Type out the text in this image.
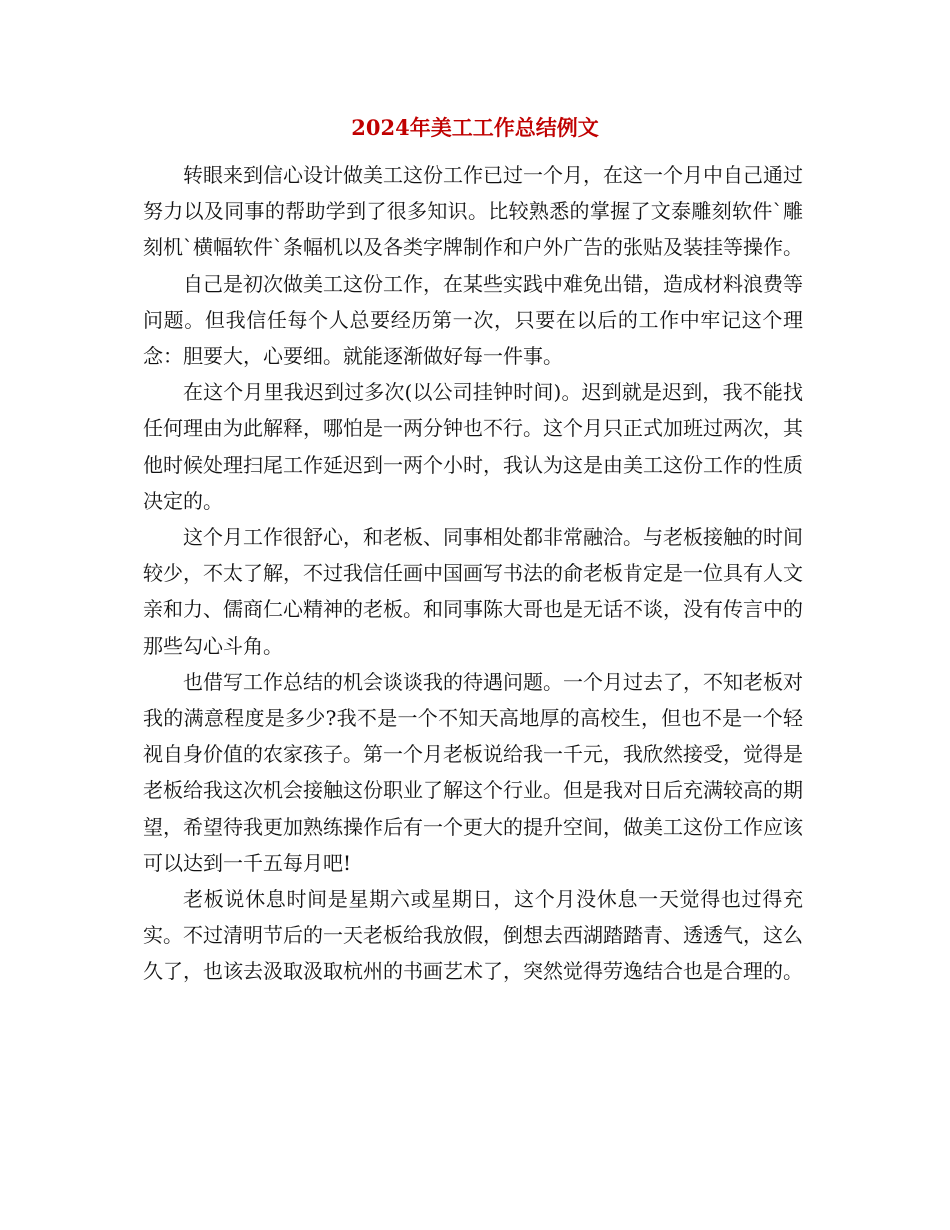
2024年美工工作总结例文

转眼来到信心设计做美工这份工作已过一个月，在这一个月中自己通过努力以及同事的帮助学到了很多知识。比较熟悉的掌握了文泰雕刻软件`雕刻机`横幅软件`条幅机以及各类字牌制作和户外广告的张贴及装挂等操作。

自己是初次做美工这份工作，在某些实践中难免出错，造成材料浪费等问题。但我信任每个人总要经历第一次，只要在以后的工作中牢记这个理念：胆要大，心要细。就能逐渐做好每一件事。

在这个月里我迟到过多次(以公司挂钟时间)。迟到就是迟到，我不能找任何理由为此解释，哪怕是一两分钟也不行。这个月只正式加班过两次，其他时候处理扫尾工作延迟到一两个小时，我认为这是由美工这份工作的性质决定的。

这个月工作很舒心，和老板、同事相处都非常融洽。与老板接触的时间较少，不太了解，不过我信任画中国画写书法的俞老板肯定是一位具有人文亲和力、儒商仁心精神的老板。和同事陈大哥也是无话不谈，没有传言中的那些勾心斗角。

也借写工作总结的机会谈谈我的待遇问题。一个月过去了，不知老板对我的满意程度是多少?我不是一个不知天高地厚的高校生，但也不是一个轻视自身价值的农家孩子。第一个月老板说给我一千元，我欣然接受，觉得是老板给我这次机会接触这份职业了解这个行业。但是我对日后充满较高的期望，希望待我更加熟练操作后有一个更大的提升空间，做美工这份工作应该可以达到一千五每月吧!

老板说休息时间是星期六或星期日，这个月没休息一天觉得也过得充实。不过清明节后的一天老板给我放假，倒想去西湖踏踏青、透透气，这么久了，也该去汲取汲取杭州的书画艺术了，突然觉得劳逸结合也是合理的。
